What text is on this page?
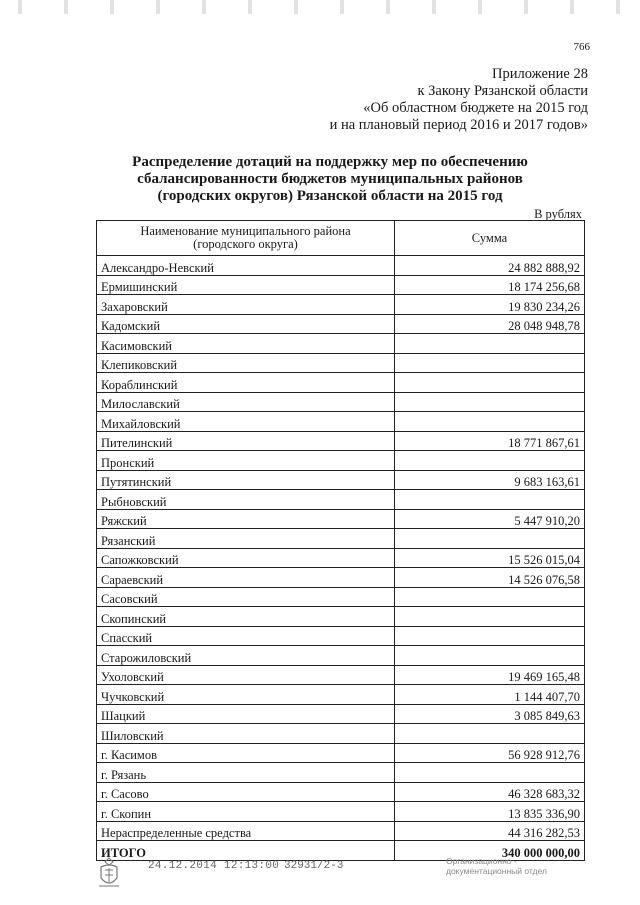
766
Приложение 28
к Закону Рязанской области
«Об областном бюджете на 2015 год
и на плановый период 2016 и 2017 годов»
Распределение дотаций на поддержку мер по обеспечению
сбалансированности бюджетов муниципальных районов
(городских округов) Рязанской области на 2015 год
В рублях
Наименование муниципального района
(городского округа)	Сумма
Александро-Невский	24 882 888,92
Ермишинский	18 174 256,68
Захаровский	19 830 234,26
Кадомский	28 048 948,78
Касимовский	
Клепиковский	
Кораблинский	
Милославский	
Михайловский	
Пителинский	18 771 867,61
Пронский	
Путятинский	9 683 163,61
Рыбновский	
Ряжский	5 447 910,20
Рязанский	
Сапожковский	15 526 015,04
Сараевский	14 526 076,58
Сасовский	
Скопинский	
Спасский	
Старожиловский	
Ухоловский	19 469 165,48
Чучковский	1 144 407,70
Шацкий	3 085 849,63
Шиловский	
г. Касимов	56 928 912,76
г. Рязань	
г. Сасово	46 328 683,32
г. Скопин	13 835 336,90
Нераспределенные средства	44 316 282,53
ИТОГО	340 000 000,00
24.12.2014 12:13:00 32931/2-3	Организационно -
документационный отдел
